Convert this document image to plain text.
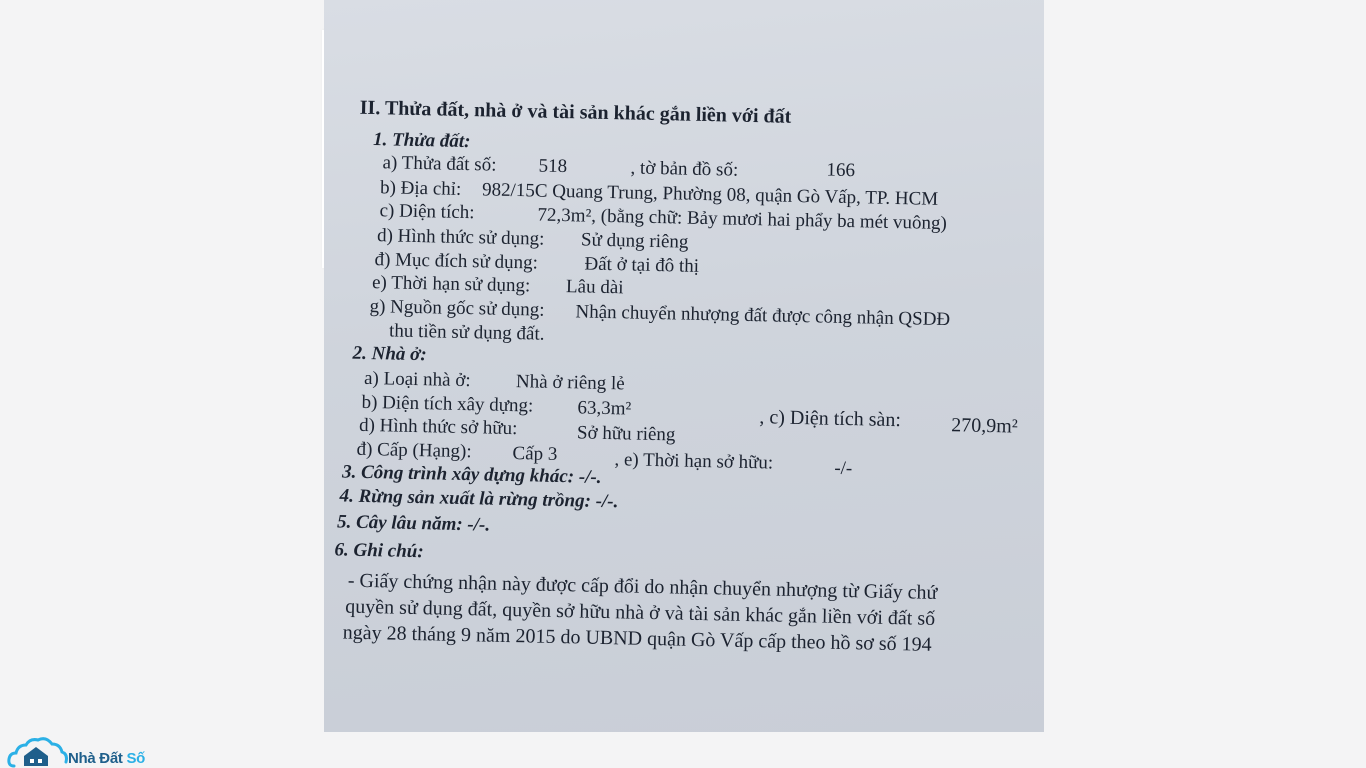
II. Thửa đất, nhà ở và tài sản khác gắn liền với đất
1. Thửa đất:
a) Thửa đất số: 518	, tờ bản đồ số:	166
b) Địa chỉ: 982/15C Quang Trung, Phường 08, quận Gò Vấp, TP. HCM
c) Diện tích:	72,3m², (bằng chữ: Bảy mươi hai phẩy ba mét vuông)
d) Hình thức sử dụng: Sử dụng riêng
đ) Mục đích sử dụng: Đất ở tại đô thị
e) Thời hạn sử dụng: Lâu dài
g) Nguồn gốc sử dụng: Nhận chuyển nhượng đất được công nhận QSDĐ
thu tiền sử dụng đất.
2. Nhà ở:
a) Loại nhà ở: Nhà ở riêng lẻ
b) Diện tích xây dựng: 63,3m²	, c) Diện tích sàn: 270,9m²
d) Hình thức sở hữu:	Sở hữu riêng
đ) Cấp (Hạng): Cấp 3	, e) Thời hạn sở hữu:	-/-
3. Công trình xây dựng khác: -/-.
4. Rừng sản xuất là rừng trồng: -/-.
5. Cây lâu năm: -/-.
6. Ghi chú:
- Giấy chứng nhận này được cấp đổi do nhận chuyển nhượng từ Giấy chứ
quyền sử dụng đất, quyền sở hữu nhà ở và tài sản khác gắn liền với đất số
ngày 28 tháng 9 năm 2015 do UBND quận Gò Vấp cấp theo hồ sơ số 194
Nhà Đất Số
